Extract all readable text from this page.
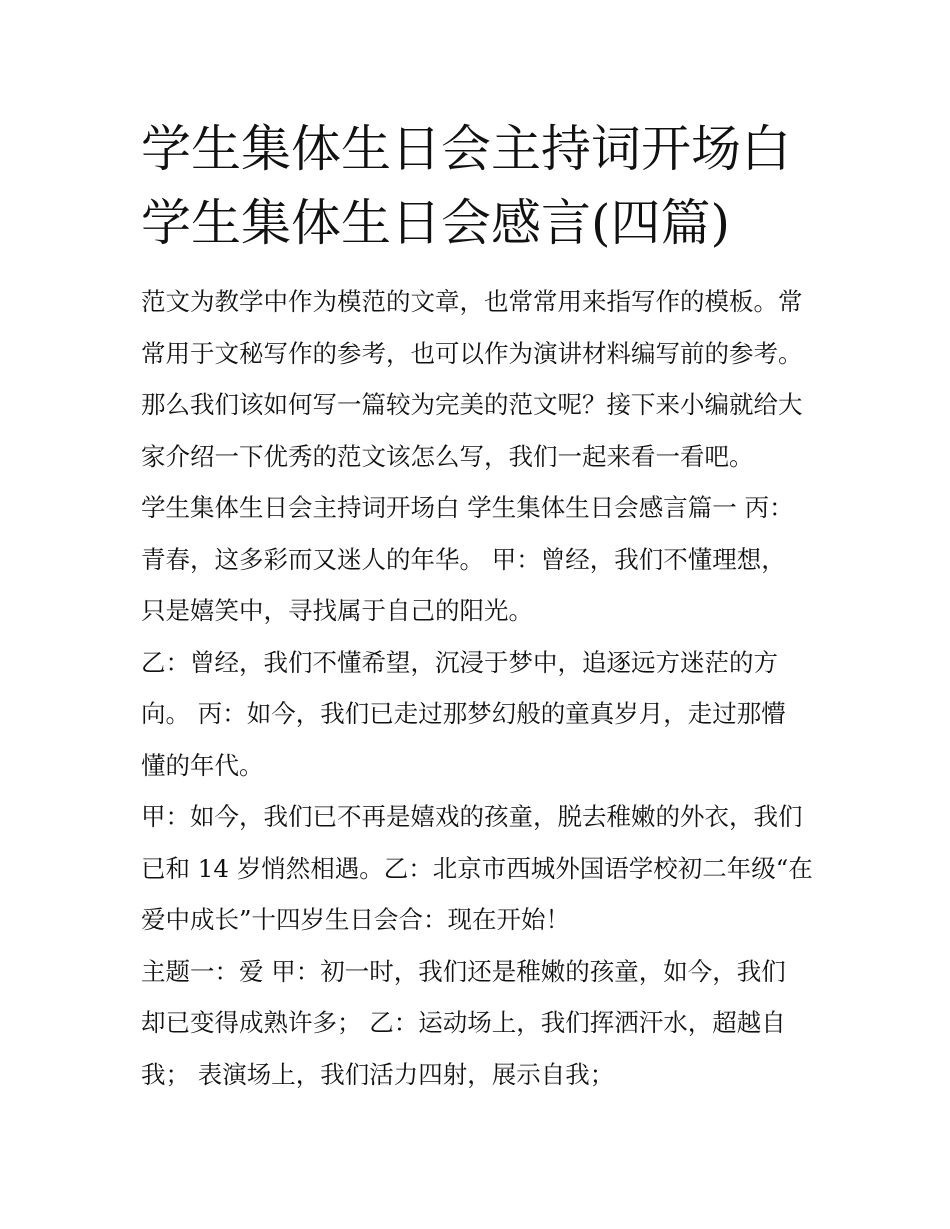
学生集体生日会主持词开场白
学生集体生日会感言(四篇)
范文为教学中作为模范的文章，也常常用来指写作的模板。常
常用于文秘写作的参考，也可以作为演讲材料编写前的参考。
那么我们该如何写一篇较为完美的范文呢？接下来小编就给大
家介绍一下优秀的范文该怎么写，我们一起来看一看吧。
学生集体生日会主持词开场白 学生集体生日会感言篇一 丙：
青春，这多彩而又迷人的年华。 甲：曾经，我们不懂理想，
只是嬉笑中，寻找属于自己的阳光。
乙：曾经，我们不懂希望，沉浸于梦中，追逐远方迷茫的方
向。 丙：如今，我们已走过那梦幻般的童真岁月，走过那懵
懂的年代。
甲：如今，我们已不再是嬉戏的孩童，脱去稚嫩的外衣，我们
已和 14 岁悄然相遇。乙：北京市西城外国语学校初二年级“在
爱中成长”十四岁生日会合：现在开始！
主题一：爱 甲：初一时，我们还是稚嫩的孩童，如今，我们
却已变得成熟许多； 乙：运动场上，我们挥洒汗水，超越自
我； 表演场上，我们活力四射，展示自我；
